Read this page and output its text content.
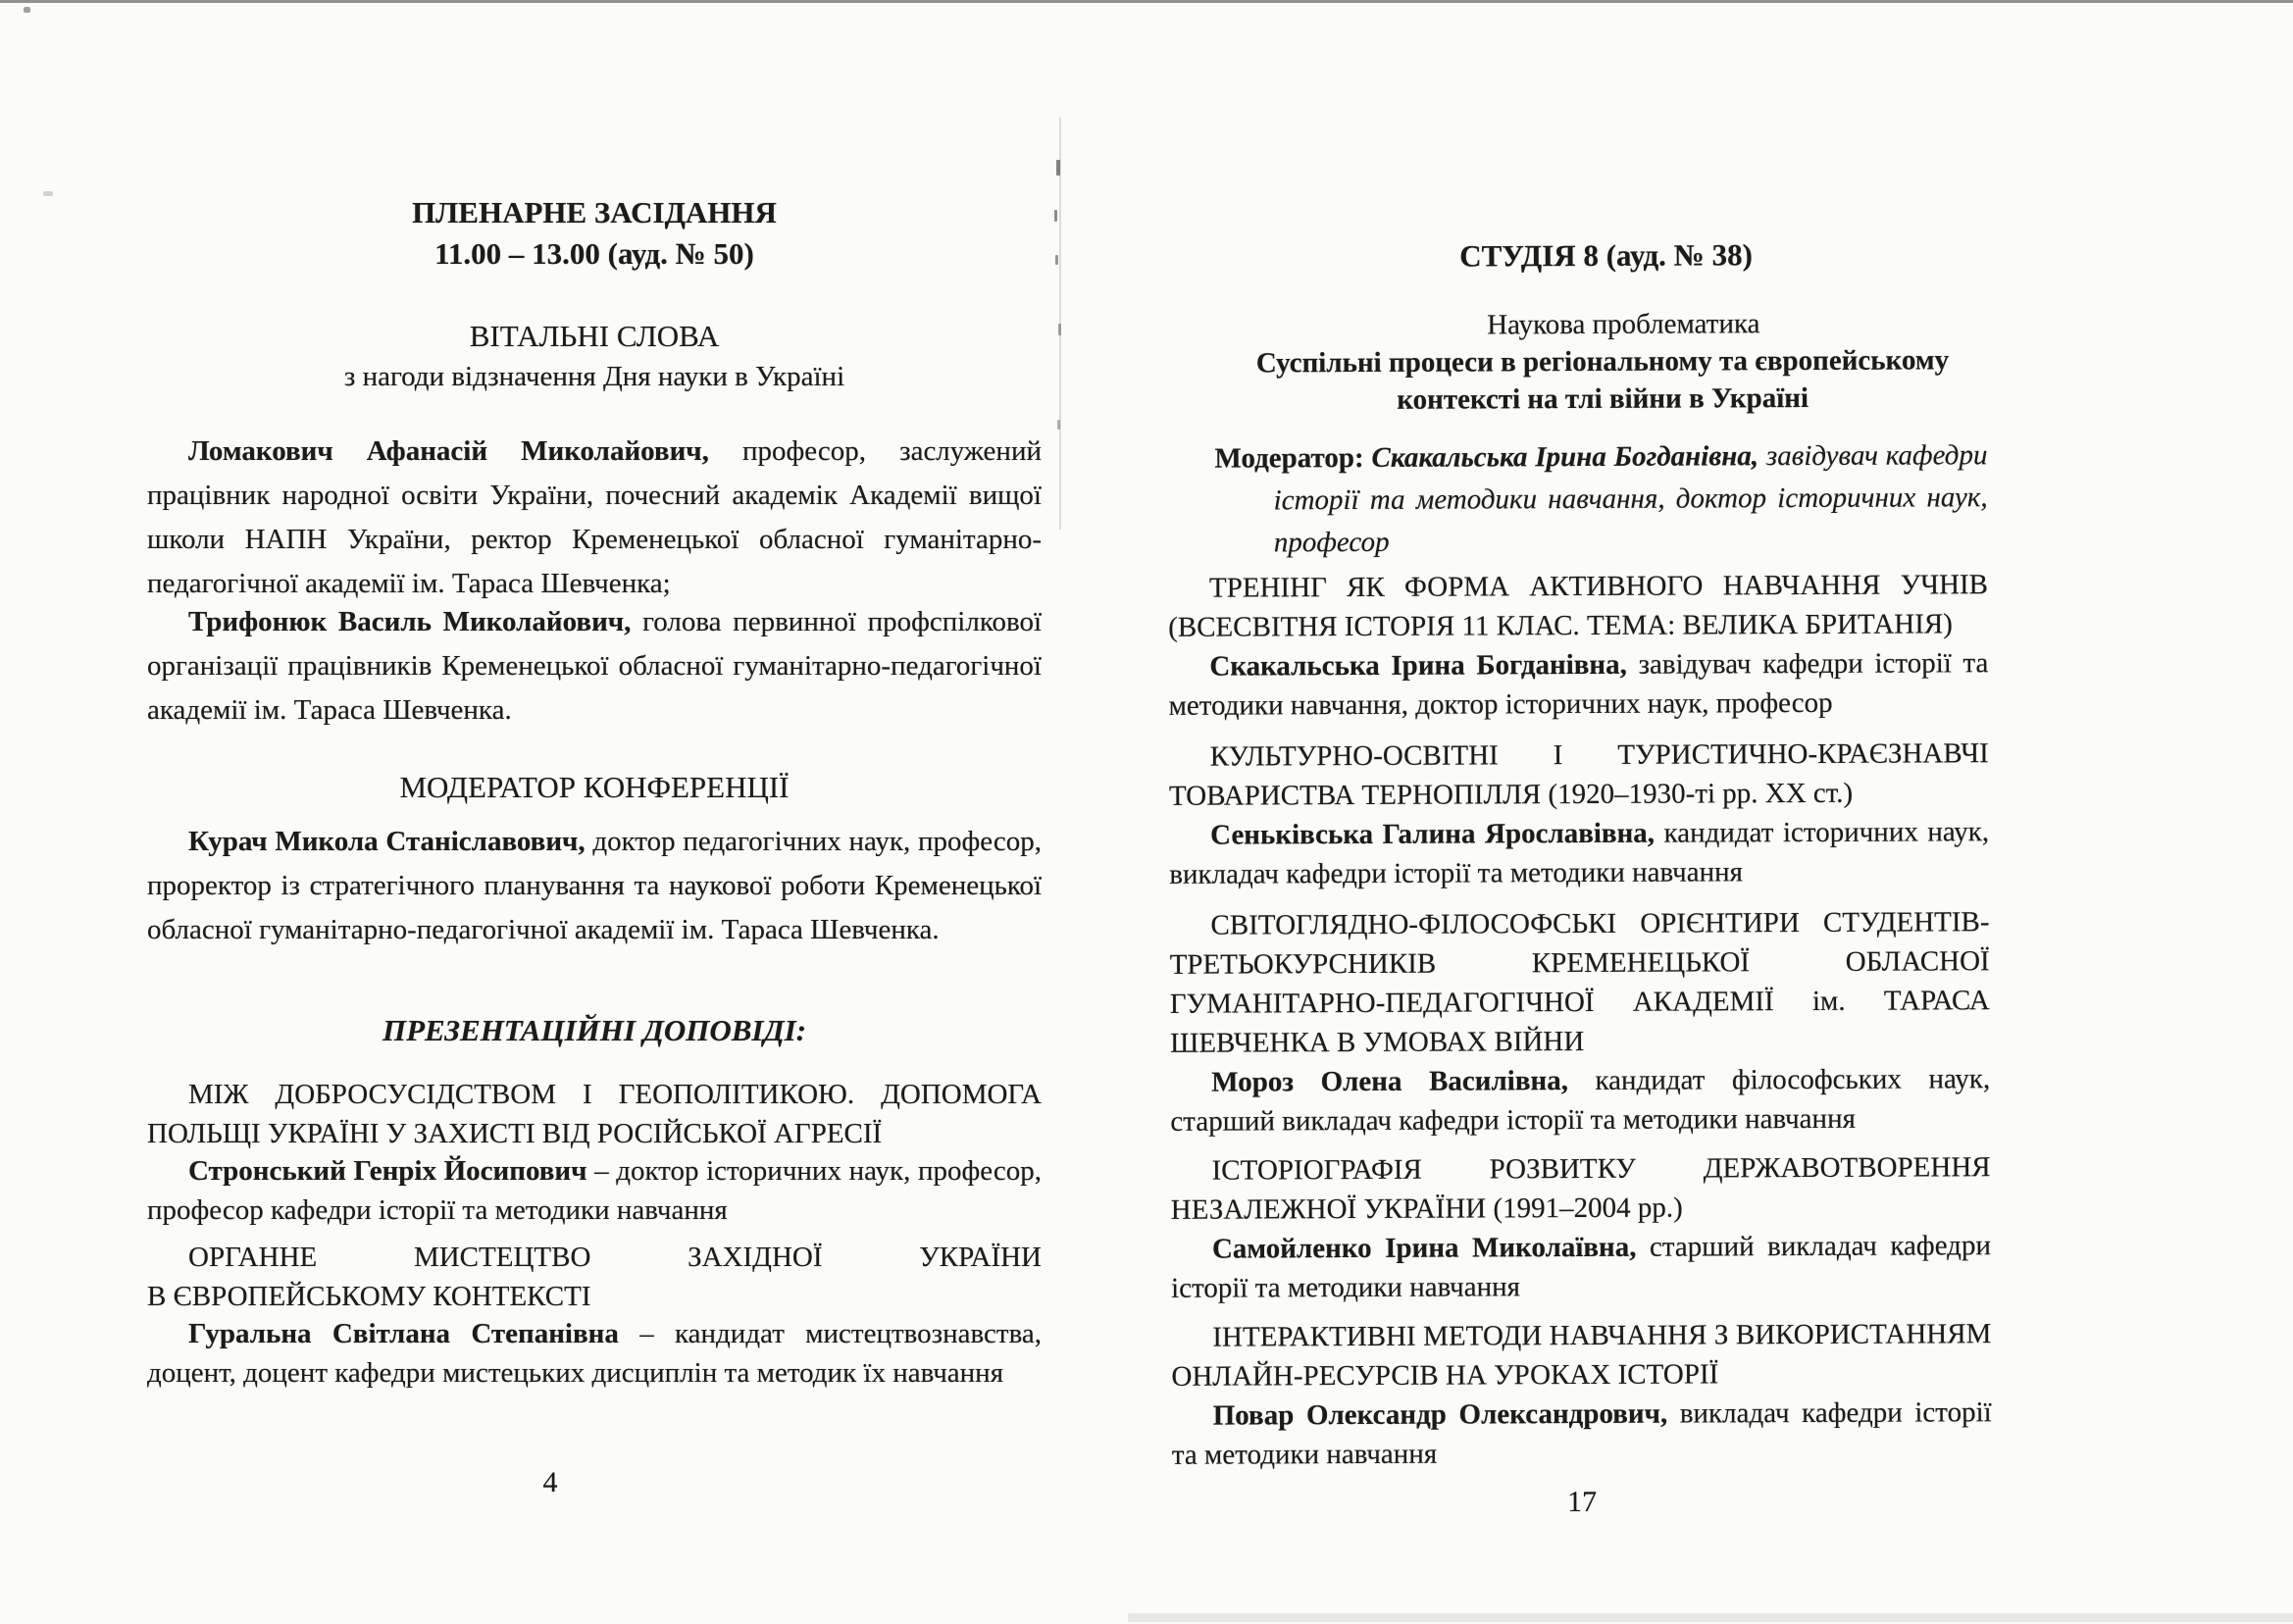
ПЛЕНАРНЕ ЗАСІДАННЯ
11.00 – 13.00 (ауд. № 50)
ВІТАЛЬНІ СЛОВА
з нагоди відзначення Дня науки в Україні

Ломакович Афанасій Миколайович, професор, заслужений працівник народної освіти України, почесний академік Академії вищої школи НАПН України, ректор Кременецької обласної гуманітарно-педагогічної академії ім. Тараса Шевченка;

Трифонюк Василь Миколайович, голова первинної профспілкової організації працівників Кременецької обласної гуманітарно-педагогічної академії ім. Тараса Шевченка.

МОДЕРАТОР КОНФЕРЕНЦІЇ

Курач Микола Станіславович, доктор педагогічних наук, професор, проректор із стратегічного планування та наукової роботи Кременецької обласної гуманітарно-педагогічної академії ім. Тараса Шевченка.

ПРЕЗЕНТАЦІЙНІ ДОПОВІДІ:
МІЖ ДОБРОСУСІДСТВОМ І ГЕОПОЛІТИКОЮ. ДОПОМОГА
ПОЛЬЩІ УКРАЇНІ У ЗАХИСТІ ВІД РОСІЙСЬКОЇ АГРЕСІЇ

Стронський Генріх Йосипович – доктор історичних наук, професор, професор кафедри історії та методики навчання

ОРГАННЕ МИСТЕЦТВО ЗАХІДНОЇ УКРАЇНИ
В ЄВРОПЕЙСЬКОМУ КОНТЕКСТІ

Гуральна Світлана Степанівна – кандидат мистецтвознавства, доцент, доцент кафедри мистецьких дисциплін та методик їх навчання

4
СТУДІЯ 8 (ауд. № 38)
Наукова проблематика
Суспільні процеси в регіональному та європейському
контексті на тлі війни в Україні

Модератор: Скакальська Ірина Богданівна, завідувач кафедри історії та методики навчання, доктор історичних наук, професор

ТРЕНІНГ ЯК ФОРМА АКТИВНОГО НАВЧАННЯ УЧНІВ
(ВСЕСВІТНЯ ІСТОРІЯ 11 КЛАС. ТЕМА: ВЕЛИКА БРИТАНІЯ)

Скакальська Ірина Богданівна, завідувач кафедри історії та методики навчання, доктор історичних наук, професор

КУЛЬТУРНО-ОСВІТНІ І ТУРИСТИЧНО-КРАЄЗНАВЧІ
ТОВАРИСТВА ТЕРНОПІЛЛЯ (1920–1930-ті рр. ХХ ст.)

Сеньківська Галина Ярославівна, кандидат історичних наук, викладач кафедри історії та методики навчання

СВІТОГЛЯДНО-ФІЛОСОФСЬКІ ОРІЄНТИРИ СТУДЕНТІВ-
ТРЕТЬОКУРСНИКІВ КРЕМЕНЕЦЬКОЇ ОБЛАСНОЇ
ГУМАНІТАРНО-ПЕДАГОГІЧНОЇ АКАДЕМІЇ ім. ТАРАСА
ШЕВЧЕНКА В УМОВАХ ВІЙНИ

Мороз Олена Василівна, кандидат філософських наук, старший викладач кафедри історії та методики навчання

ІСТОРІОГРАФІЯ РОЗВИТКУ ДЕРЖАВОТВОРЕННЯ
НЕЗАЛЕЖНОЇ УКРАЇНИ (1991–2004 рр.)

Самойленко Ірина Миколаївна, старший викладач кафедри історії та методики навчання

ІНТЕРАКТИВНІ МЕТОДИ НАВЧАННЯ З ВИКОРИСТАННЯМ
ОНЛАЙН-РЕСУРСІВ НА УРОКАХ ІСТОРІЇ

Повар Олександр Олександрович, викладач кафедри історії та методики навчання

17
